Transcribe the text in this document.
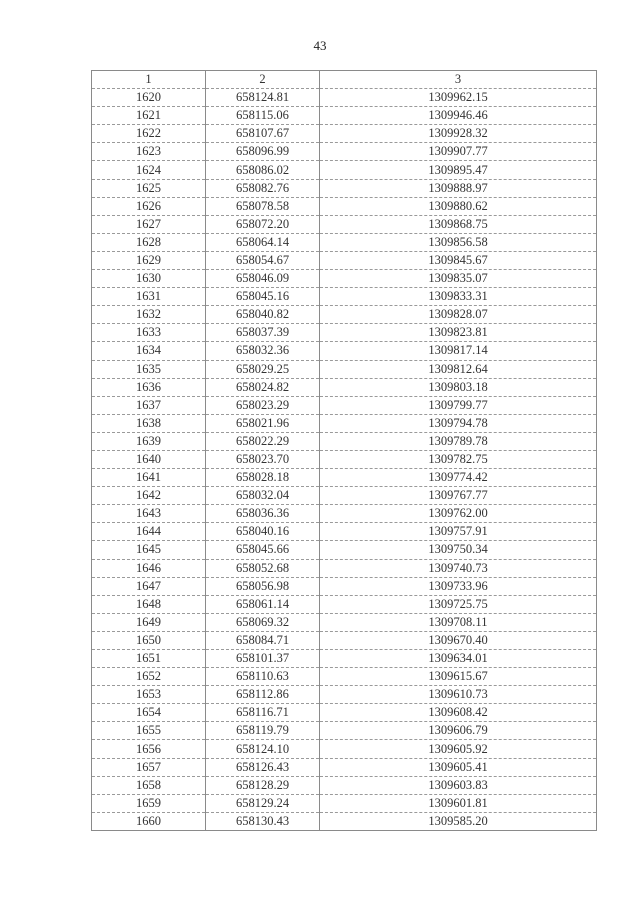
43
1	2	3
1620	658124.81	1309962.15
1621	658115.06	1309946.46
1622	658107.67	1309928.32
1623	658096.99	1309907.77
1624	658086.02	1309895.47
1625	658082.76	1309888.97
1626	658078.58	1309880.62
1627	658072.20	1309868.75
1628	658064.14	1309856.58
1629	658054.67	1309845.67
1630	658046.09	1309835.07
1631	658045.16	1309833.31
1632	658040.82	1309828.07
1633	658037.39	1309823.81
1634	658032.36	1309817.14
1635	658029.25	1309812.64
1636	658024.82	1309803.18
1637	658023.29	1309799.77
1638	658021.96	1309794.78
1639	658022.29	1309789.78
1640	658023.70	1309782.75
1641	658028.18	1309774.42
1642	658032.04	1309767.77
1643	658036.36	1309762.00
1644	658040.16	1309757.91
1645	658045.66	1309750.34
1646	658052.68	1309740.73
1647	658056.98	1309733.96
1648	658061.14	1309725.75
1649	658069.32	1309708.11
1650	658084.71	1309670.40
1651	658101.37	1309634.01
1652	658110.63	1309615.67
1653	658112.86	1309610.73
1654	658116.71	1309608.42
1655	658119.79	1309606.79
1656	658124.10	1309605.92
1657	658126.43	1309605.41
1658	658128.29	1309603.83
1659	658129.24	1309601.81
1660	658130.43	1309585.20
